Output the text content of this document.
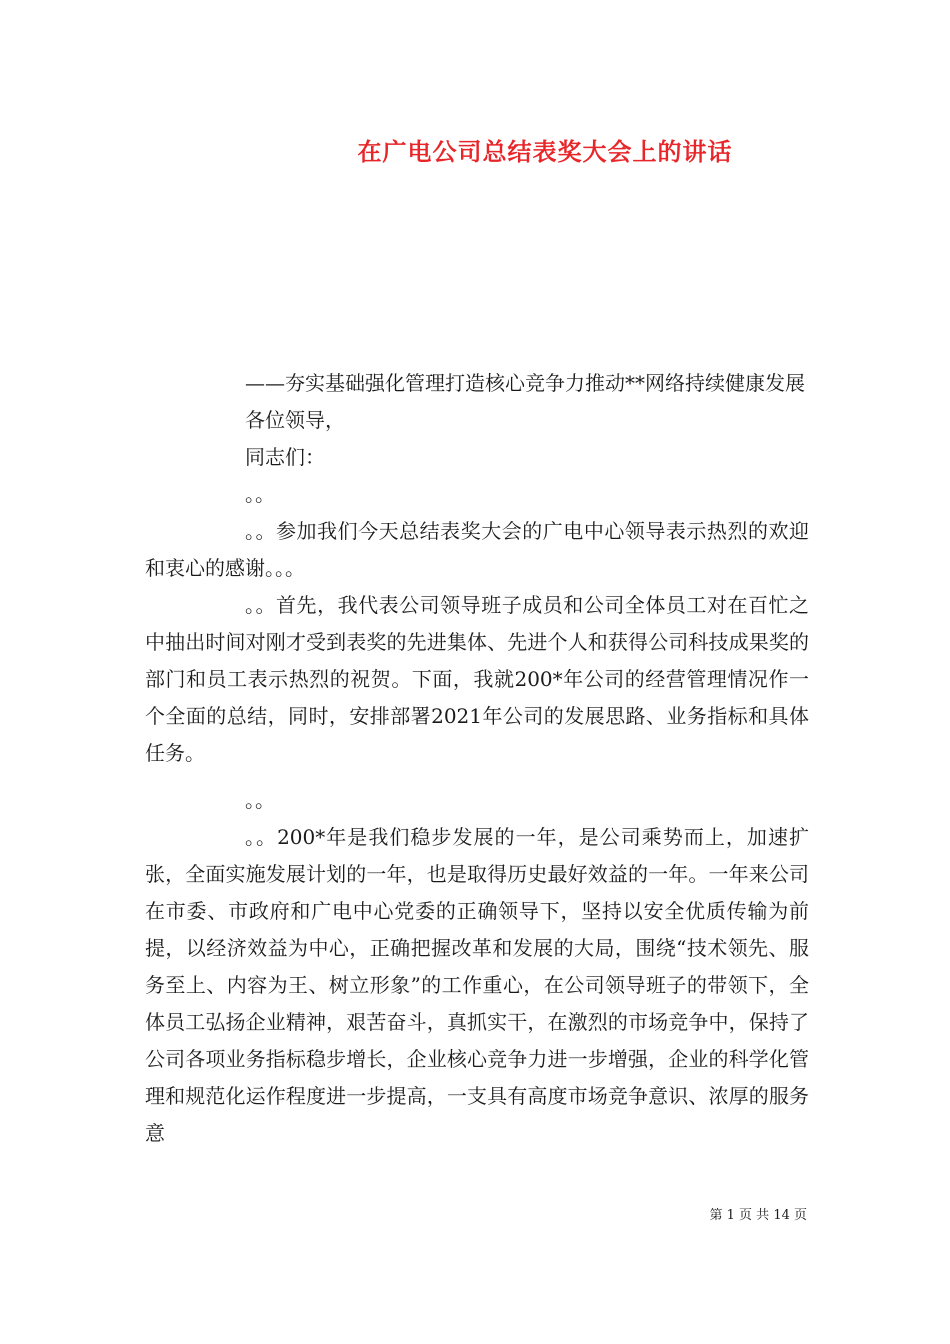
在广电公司总结表奖大会上的讲话

——夯实基础强化管理打造核心竞争力推动**网络持续健康发展

各位领导，

同志们：

。。

。。参加我们今天总结表奖大会的广电中心领导表示热烈的欢迎和衷心的感谢。。。

。。首先，我代表公司领导班子成员和公司全体员工对在百忙之中抽出时间对刚才受到表奖的先进集体、先进个人和获得公司科技成果奖的部门和员工表示热烈的祝贺。下面，我就200*年公司的经营管理情况作一个全面的总结，同时，安排部署2021年公司的发展思路、业务指标和具体任务。

。。

。。200*年是我们稳步发展的一年，是公司乘势而上，加速扩张，全面实施发展计划的一年，也是取得历史最好效益的一年。一年来公司在市委、市政府和广电中心党委的正确领导下，坚持以安全优质传输为前提，以经济效益为中心，正确把握改革和发展的大局，围绕“技术领先、服务至上、内容为王、树立形象”的工作重心，在公司领导班子的带领下，全体员工弘扬企业精神，艰苦奋斗，真抓实干，在激烈的市场竞争中，保持了公司各项业务指标稳步增长，企业核心竞争力进一步增强，企业的科学化管理和规范化运作程度进一步提高，一支具有高度市场竞争意识、浓厚的服务意

第 1 页 共 14 页
